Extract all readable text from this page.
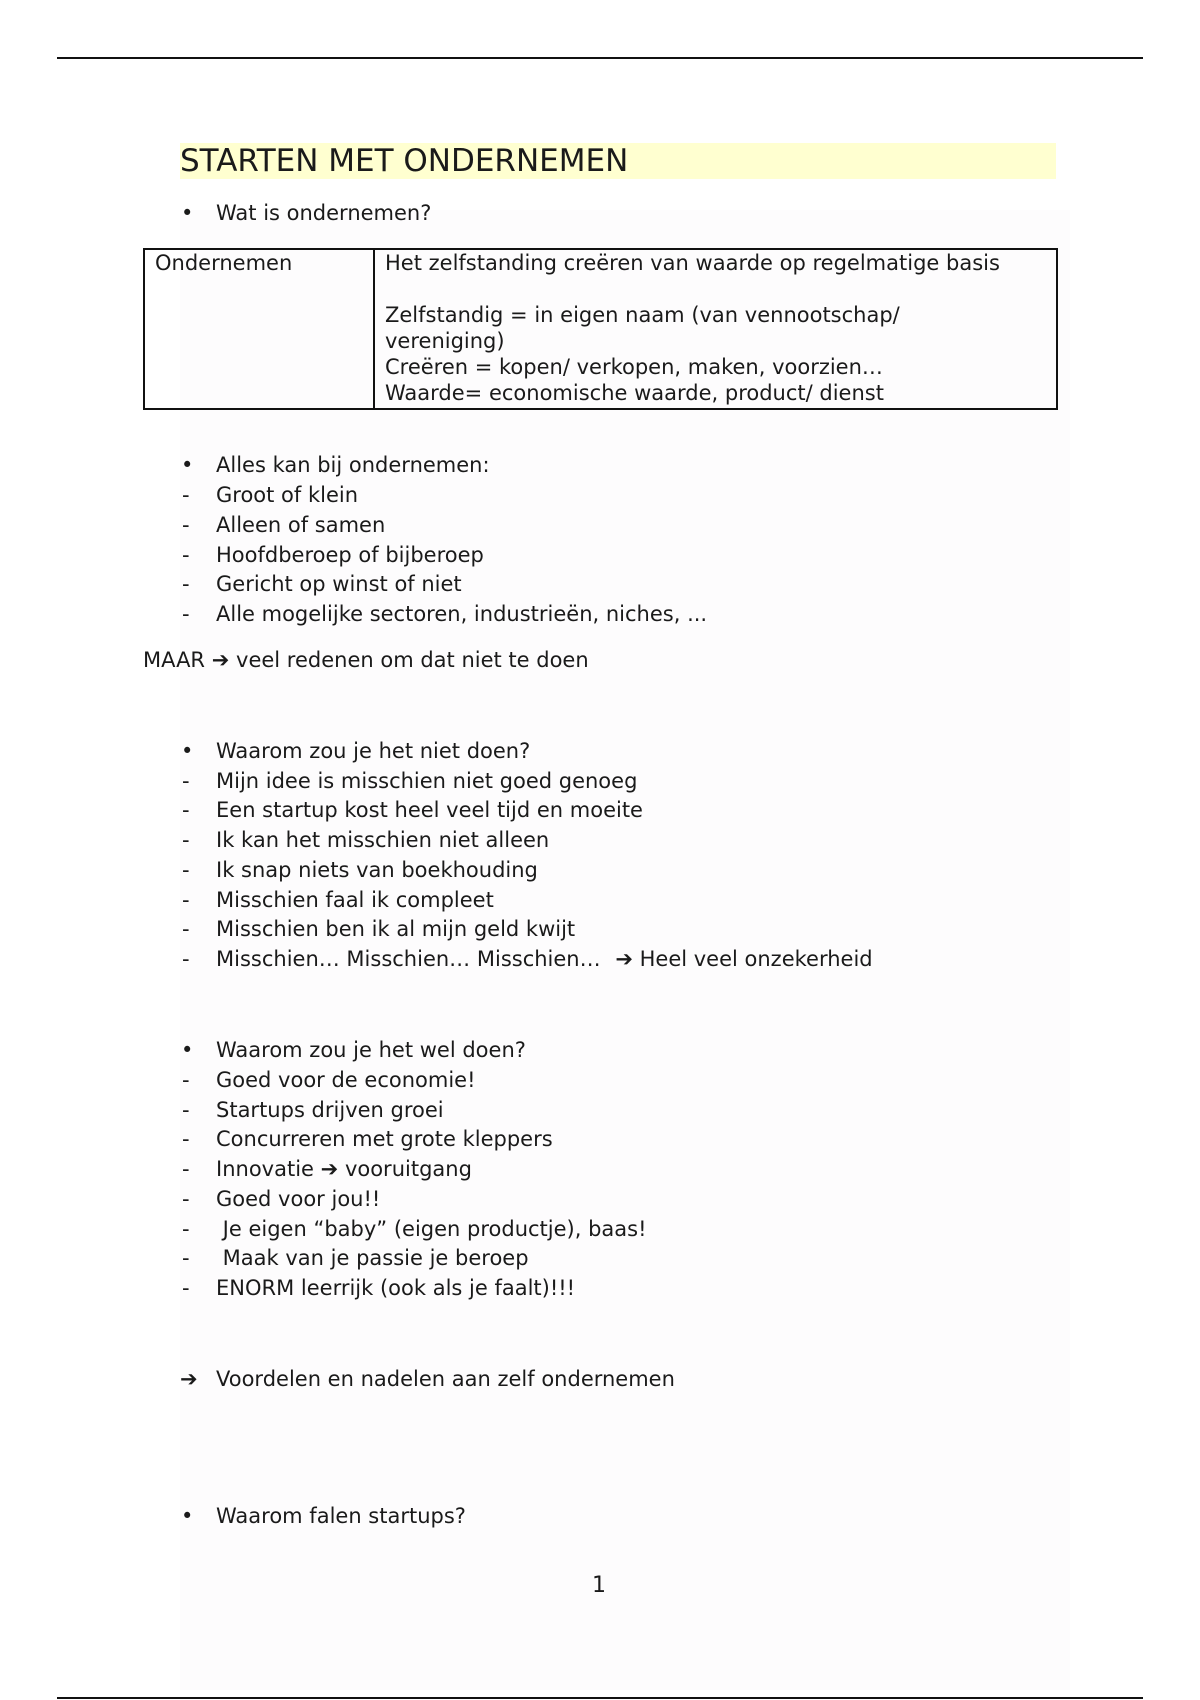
STARTEN MET ONDERNEMEN
• Wat is ondernemen?
Ondernemen	Het zelfstanding creëren van waarde op regelmatige basis
Zelfstandig = in eigen naam (van vennootschap/
vereniging)
Creëren = kopen/ verkopen, maken, voorzien…
Waarde= economische waarde, product/ dienst
• Alles kan bij ondernemen:
- Groot of klein
- Alleen of samen
- Hoofdberoep of bijberoep
- Gericht op winst of niet
- Alle mogelijke sectoren, industrieën, niches, ...
MAAR ➔ veel redenen om dat niet te doen
• Waarom zou je het niet doen?
- Mijn idee is misschien niet goed genoeg
- Een startup kost heel veel tijd en moeite
- Ik kan het misschien niet alleen
- Ik snap niets van boekhouding
- Misschien faal ik compleet
- Misschien ben ik al mijn geld kwijt
- Misschien… Misschien… Misschien… ➔ Heel veel onzekerheid
• Waarom zou je het wel doen?
- Goed voor de economie!
- Startups drijven groei
- Concurreren met grote kleppers
- Innovatie ➔ vooruitgang
- Goed voor jou!!
- Je eigen “baby” (eigen productje), baas!
- Maak van je passie je beroep
- ENORM leerrijk (ook als je faalt)!!!
➔ Voordelen en nadelen aan zelf ondernemen
• Waarom falen startups?
1
